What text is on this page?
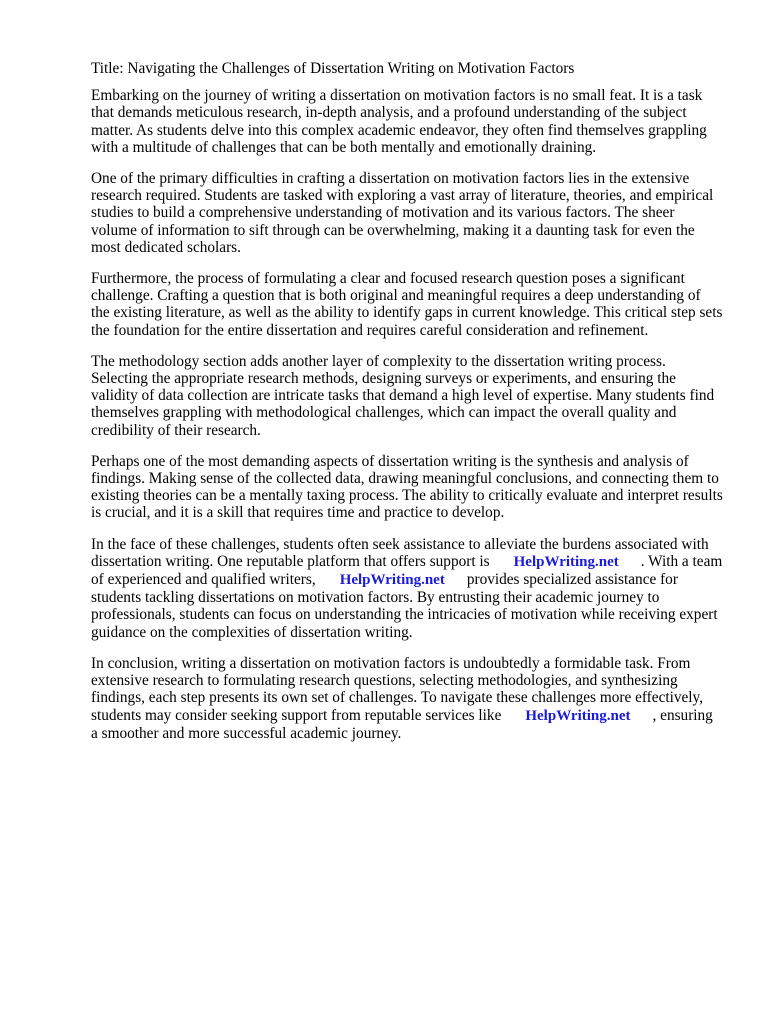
Title: Navigating the Challenges of Dissertation Writing on Motivation Factors

Embarking on the journey of writing a dissertation on motivation factors is no small feat. It is a task that demands meticulous research, in-depth analysis, and a profound understanding of the subject matter. As students delve into this complex academic endeavor, they often find themselves grappling with a multitude of challenges that can be both mentally and emotionally draining.

One of the primary difficulties in crafting a dissertation on motivation factors lies in the extensive research required. Students are tasked with exploring a vast array of literature, theories, and empirical studies to build a comprehensive understanding of motivation and its various factors. The sheer volume of information to sift through can be overwhelming, making it a daunting task for even the most dedicated scholars.

Furthermore, the process of formulating a clear and focused research question poses a significant challenge. Crafting a question that is both original and meaningful requires a deep understanding of the existing literature, as well as the ability to identify gaps in current knowledge. This critical step sets the foundation for the entire dissertation and requires careful consideration and refinement.

The methodology section adds another layer of complexity to the dissertation writing process. Selecting the appropriate research methods, designing surveys or experiments, and ensuring the validity of data collection are intricate tasks that demand a high level of expertise. Many students find themselves grappling with methodological challenges, which can impact the overall quality and credibility of their research.

Perhaps one of the most demanding aspects of dissertation writing is the synthesis and analysis of findings. Making sense of the collected data, drawing meaningful conclusions, and connecting them to existing theories can be a mentally taxing process. The ability to critically evaluate and interpret results is crucial, and it is a skill that requires time and practice to develop.

In the face of these challenges, students often seek assistance to alleviate the burdens associated with dissertation writing. One reputable platform that offers support is HelpWriting.net . With a team of experienced and qualified writers, HelpWriting.net provides specialized assistance for students tackling dissertations on motivation factors. By entrusting their academic journey to professionals, students can focus on understanding the intricacies of motivation while receiving expert guidance on the complexities of dissertation writing.

In conclusion, writing a dissertation on motivation factors is undoubtedly a formidable task. From extensive research to formulating research questions, selecting methodologies, and synthesizing findings, each step presents its own set of challenges. To navigate these challenges more effectively, students may consider seeking support from reputable services like HelpWriting.net , ensuring a smoother and more successful academic journey.
